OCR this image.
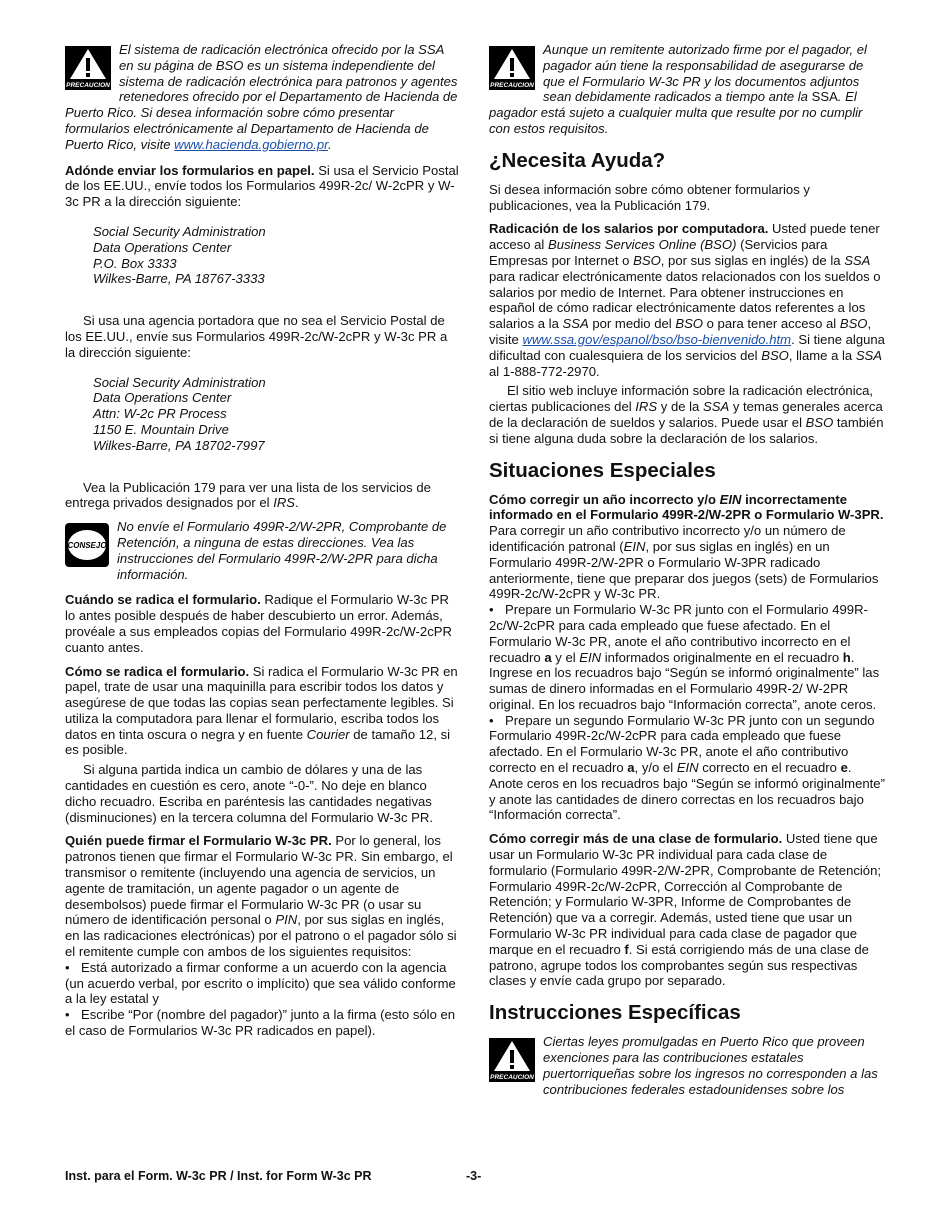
PRECAUCION
El sistema de radicación electrónica ofrecido por la SSA en su página de BSO es un sistema independiente del sistema de radicación electrónica para patronos y agentes retenedores ofrecido por el Departamento de Hacienda de Puerto Rico. Si desea información sobre cómo presentar formularios electrónicamente al Departamento de Hacienda de Puerto Rico, visite www.hacienda.gobierno.pr.

Adónde enviar los formularios en papel. Si usa el Servicio Postal de los EE.UU., envíe todos los Formularios 499R-2c/ W-2cPR y W-3c PR a la dirección siguiente:

Social Security Administration
Data Operations Center
P.O. Box 3333
Wilkes-Barre, PA 18767-3333

Si usa una agencia portadora que no sea el Servicio Postal de los EE.UU., envíe sus Formularios 499R-2c/W-2cPR y W-3c PR a la dirección siguiente:

Social Security Administration
Data Operations Center
Attn: W-2c PR Process
1150 E. Mountain Drive
Wilkes-Barre, PA 18702-7997

Vea la Publicación 179 para ver una lista de los servicios de entrega privados designados por el IRS.

CONSEJO
No envíe el Formulario 499R-2/W-2PR, Comprobante de Retención, a ninguna de estas direcciones. Vea las instrucciones del Formulario 499R-2/W-2PR para dicha información.

Cuándo se radica el formulario. Radique el Formulario W-3c PR lo antes posible después de haber descubierto un error. Además, provéale a sus empleados copias del Formulario 499R-2c/W-2cPR cuanto antes.

Cómo se radica el formulario. Si radica el Formulario W-3c PR en papel, trate de usar una maquinilla para escribir todos los datos y asegúrese de que todas las copias sean perfectamente legibles. Si utiliza la computadora para llenar el formulario, escriba todos los datos en tinta oscura o negra y en fuente Courier de tamaño 12, si es posible.

Si alguna partida indica un cambio de dólares y una de las cantidades en cuestión es cero, anote “-0-”. No deje en blanco dicho recuadro. Escriba en paréntesis las cantidades negativas (disminuciones) en la tercera columna del Formulario W-3c PR.

Quién puede firmar el Formulario W-3c PR. Por lo general, los patronos tienen que firmar el Formulario W-3c PR. Sin embargo, el transmisor o remitente (incluyendo una agencia de servicios, un agente de tramitación, un agente pagador o un agente de desembolsos) puede firmar el Formulario W-3c PR (o usar su número de identificación personal o PIN, por sus siglas en inglés, en las radicaciones electrónicas) por el patrono o el pagador sólo si el remitente cumple con ambos de los siguientes requisitos:

• Está autorizado a firmar conforme a un acuerdo con la agencia (un acuerdo verbal, por escrito o implícito) que sea válido conforme a la ley estatal y
• Escribe “Por (nombre del pagador)” junto a la firma (esto sólo en el caso de Formularios W-3c PR radicados en papel).

PRECAUCION
Aunque un remitente autorizado firme por el pagador, el pagador aún tiene la responsabilidad de asegurarse de que el Formulario W-3c PR y los documentos adjuntos sean debidamente radicados a tiempo ante la SSA. El pagador está sujeto a cualquier multa que resulte por no cumplir con estos requisitos.

¿Necesita Ayuda?

Si desea información sobre cómo obtener formularios y publicaciones, vea la Publicación 179.

Radicación de los salarios por computadora. Usted puede tener acceso al Business Services Online (BSO) (Servicios para Empresas por Internet o BSO, por sus siglas en inglés) de la SSA para radicar electrónicamente datos relacionados con los sueldos o salarios por medio de Internet. Para obtener instrucciones en español de cómo radicar electrónicamente datos referentes a los salarios a la SSA por medio del BSO o para tener acceso al BSO, visite www.ssa.gov/espanol/bso/bso-bienvenido.htm. Si tiene alguna dificultad con cualesquiera de los servicios del BSO, llame a la SSA al 1-888-772-2970.

El sitio web incluye información sobre la radicación electrónica, ciertas publicaciones del IRS y de la SSA y temas generales acerca de la declaración de sueldos y salarios. Puede usar el BSO también si tiene alguna duda sobre la declaración de los salarios.

Situaciones Especiales

Cómo corregir un año incorrecto y/o EIN incorrectamente informado en el Formulario 499R-2/W-2PR o Formulario W-3PR. Para corregir un año contributivo incorrecto y/o un número de identificación patronal (EIN, por sus siglas en inglés) en un Formulario 499R-2/W-2PR o Formulario W-3PR radicado anteriormente, tiene que preparar dos juegos (sets) de Formularios 499R-2c/W-2cPR y W-3c PR.

• Prepare un Formulario W-3c PR junto con el Formulario 499R-2c/W-2cPR para cada empleado que fuese afectado. En el Formulario W-3c PR, anote el año contributivo incorrecto en el recuadro a y el EIN informados originalmente en el recuadro h. Ingrese en los recuadros bajo “Según se informó originalmente” las sumas de dinero informadas en el Formulario 499R-2/ W-2PR original. En los recuadros bajo “Información correcta”, anote ceros.
• Prepare un segundo Formulario W-3c PR junto con un segundo Formulario 499R-2c/W-2cPR para cada empleado que fuese afectado. En el Formulario W-3c PR, anote el año contributivo correcto en el recuadro a, y/o el EIN correcto en el recuadro e. Anote ceros en los recuadros bajo “Según se informó originalmente” y anote las cantidades de dinero correctas en los recuadros bajo “Información correcta”.

Cómo corregir más de una clase de formulario. Usted tiene que usar un Formulario W-3c PR individual para cada clase de formulario (Formulario 499R-2/W-2PR, Comprobante de Retención; Formulario 499R-2c/W-2cPR, Corrección al Comprobante de Retención; y Formulario W-3PR, Informe de Comprobantes de Retención) que va a corregir. Además, usted tiene que usar un Formulario W-3c PR individual para cada clase de pagador que marque en el recuadro f. Si está corrigiendo más de una clase de patrono, agrupe todos los comprobantes según sus respectivas clases y envíe cada grupo por separado.

Instrucciones Específicas

PRECAUCION
Ciertas leyes promulgadas en Puerto Rico que proveen exenciones para las contribuciones estatales puertorriqueñas sobre los ingresos no corresponden a las contribuciones federales estadounidenses sobre los

Inst. para el Form. W-3c PR / Inst. for Form W-3c PR	-3-
